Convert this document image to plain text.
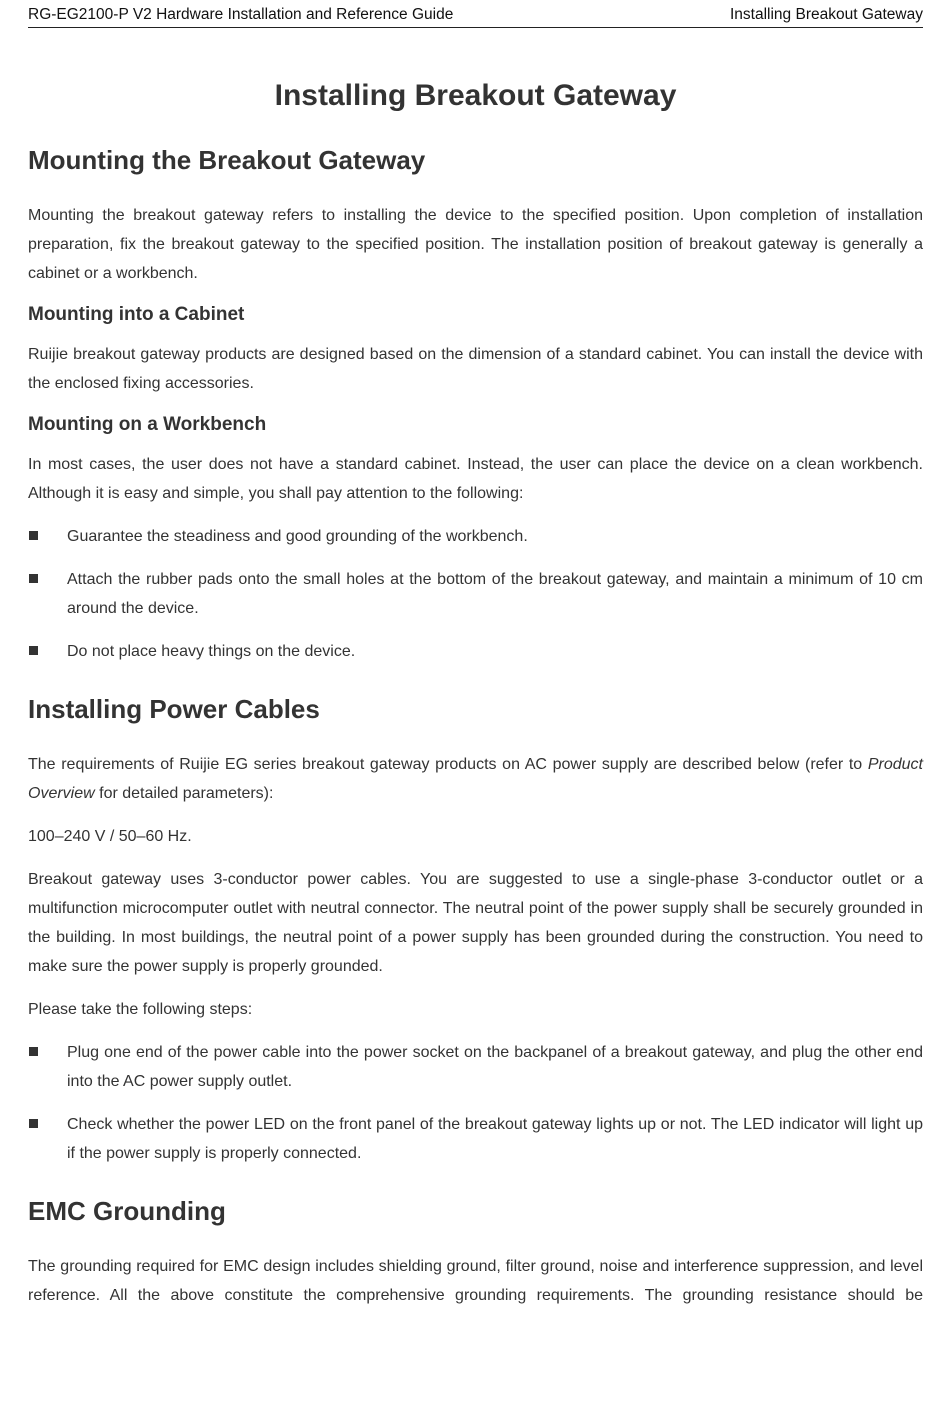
RG-EG2100-P V2 Hardware Installation and Reference Guide	Installing Breakout Gateway
Installing Breakout Gateway
Mounting the Breakout Gateway

Mounting the breakout gateway refers to installing the device to the specified position. Upon completion of installation preparation, fix the breakout gateway to the specified position. The installation position of breakout gateway is generally a cabinet or a workbench.

Mounting into a Cabinet

Ruijie breakout gateway products are designed based on the dimension of a standard cabinet. You can install the device with the enclosed fixing accessories.

Mounting on a Workbench

In most cases, the user does not have a standard cabinet. Instead, the user can place the device on a clean workbench. Although it is easy and simple, you shall pay attention to the following:

Guarantee the steadiness and good grounding of the workbench.
Attach the rubber pads onto the small holes at the bottom of the breakout gateway, and maintain a minimum of 10 cm around the device.
Do not place heavy things on the device.
Installing Power Cables

The requirements of Ruijie EG series breakout gateway products on AC power supply are described below (refer to Product Overview for detailed parameters):

100–240 V / 50–60 Hz.

Breakout gateway uses 3-conductor power cables. You are suggested to use a single-phase 3-conductor outlet or a multifunction microcomputer outlet with neutral connector. The neutral point of the power supply shall be securely grounded in the building. In most buildings, the neutral point of a power supply has been grounded during the construction. You need to make sure the power supply is properly grounded.

Please take the following steps:

Plug one end of the power cable into the power socket on the backpanel of a breakout gateway, and plug the other end into the AC power supply outlet.
Check whether the power LED on the front panel of the breakout gateway lights up or not. The LED indicator will light up if the power supply is properly connected.
EMC Grounding

The grounding required for EMC design includes shielding ground, filter ground, noise and interference suppression, and level reference. All the above constitute the comprehensive grounding requirements. The grounding resistance should be
